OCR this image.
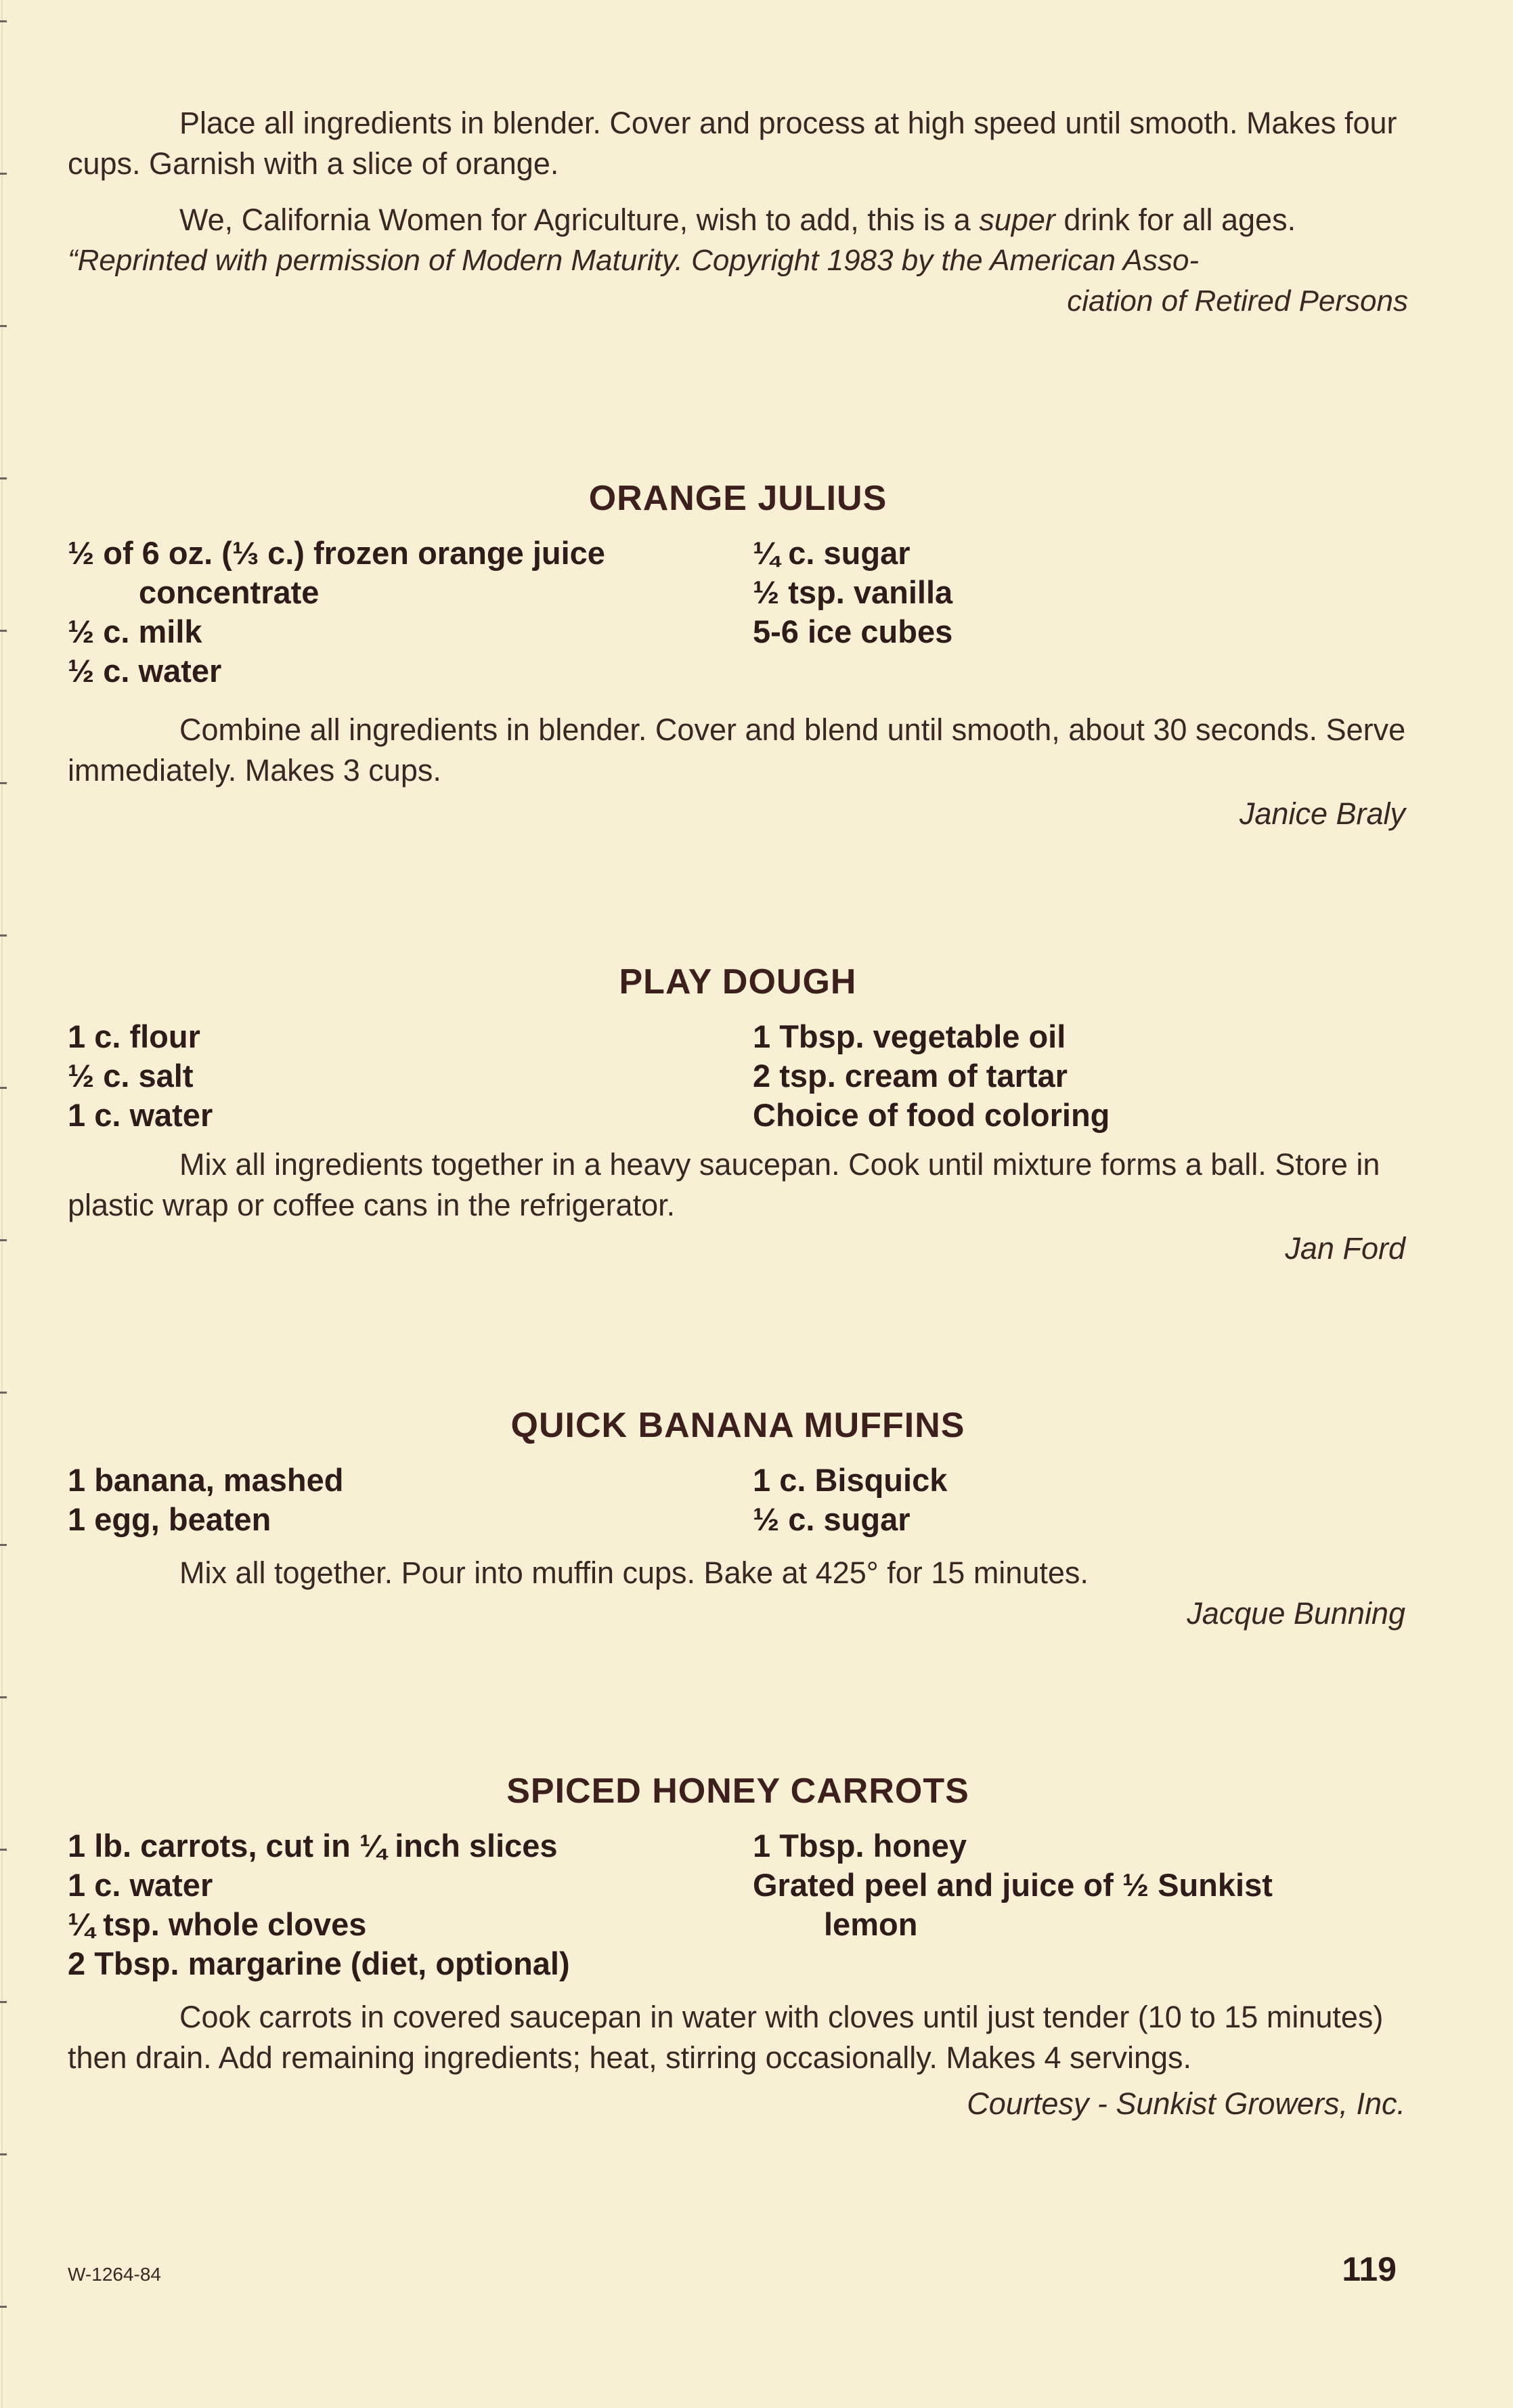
Place all ingredients in blender. Cover and process at high speed until smooth. Makes four cups. Garnish with a slice of orange.

We, California Women for Agriculture, wish to add, this is a super drink for all ages.

“Reprinted with permission of Modern Maturity. Copyright 1983 by the American Asso-

ciation of Retired Persons

ORANGE JULIUS
½ of 6 oz. (⅓ c.) frozen orange juice
concentrate
½ c. milk
½ c. water
¼ c. sugar
½ tsp. vanilla
5-6 ice cubes

Combine all ingredients in blender. Cover and blend until smooth, about 30 seconds. Serve immediately. Makes 3 cups.

Janice Braly

PLAY DOUGH
1 c. flour
½ c. salt
1 c. water
1 Tbsp. vegetable oil
2 tsp. cream of tartar
Choice of food coloring

Mix all ingredients together in a heavy saucepan. Cook until mixture forms a ball. Store in plastic wrap or coffee cans in the refrigerator.

Jan Ford

QUICK BANANA MUFFINS
1 banana, mashed
1 egg, beaten
1 c. Bisquick
½ c. sugar

Mix all together. Pour into muffin cups. Bake at 425° for 15 minutes.

Jacque Bunning

SPICED HONEY CARROTS
1 lb. carrots, cut in ¼ inch slices
1 c. water
¼ tsp. whole cloves
2 Tbsp. margarine (diet, optional)
1 Tbsp. honey
Grated peel and juice of ½ Sunkist
lemon

Cook carrots in covered saucepan in water with cloves until just tender (10 to 15 minutes) then drain. Add remaining ingredients; heat, stirring occasionally. Makes 4 servings.

Courtesy - Sunkist Growers, Inc.

W-1264-84	119
